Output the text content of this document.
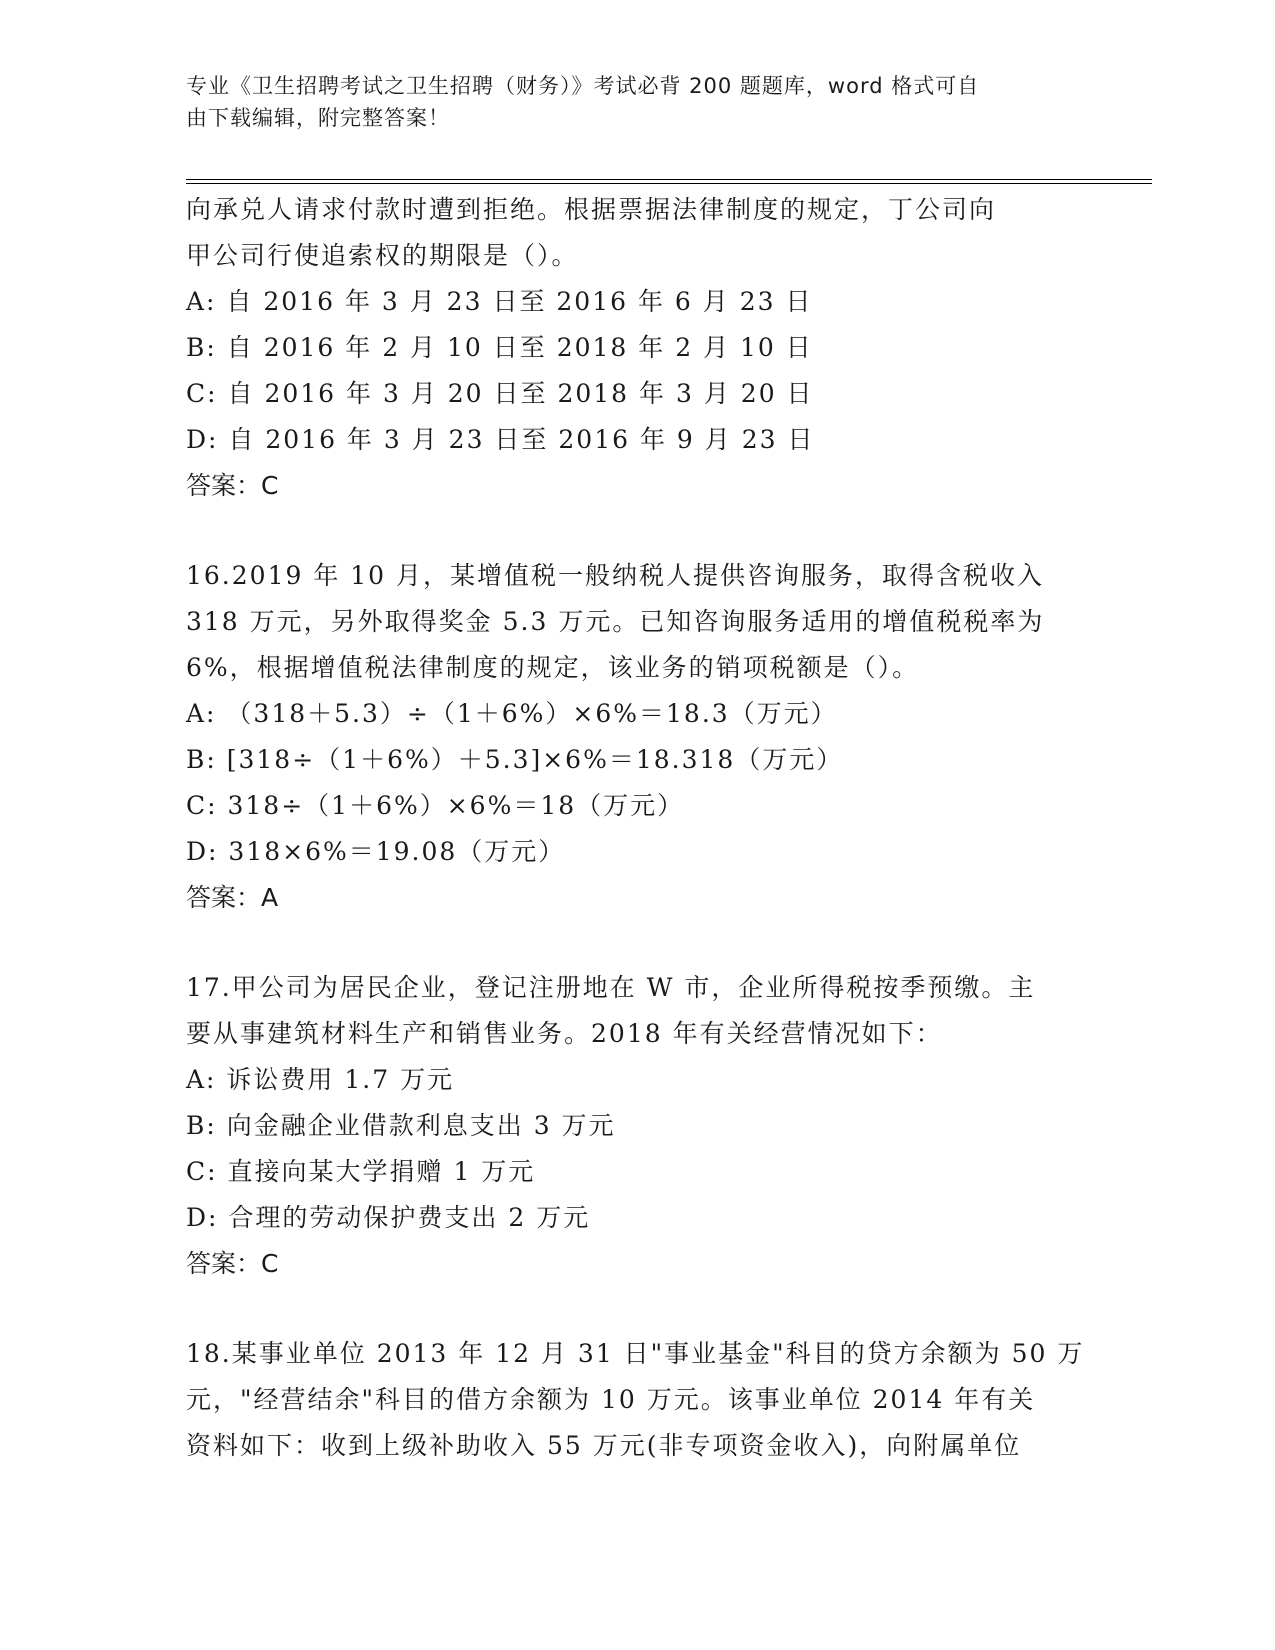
专业《卫生招聘考试之卫生招聘（财务）》考试必背 200 题题库，word 格式可自
由下载编辑，附完整答案！
向承兑人请求付款时遭到拒绝。根据票据法律制度的规定，丁公司向
甲公司行使追索权的期限是（）。
A: 自 2016 年 3 月 23 日至 2016 年 6 月 23 日
B: 自 2016 年 2 月 10 日至 2018 年 2 月 10 日
C: 自 2016 年 3 月 20 日至 2018 年 3 月 20 日
D: 自 2016 年 3 月 23 日至 2016 年 9 月 23 日
答案：C
16.2019 年 10 月，某增值税一般纳税人提供咨询服务，取得含税收入
318 万元，另外取得奖金 5.3 万元。已知咨询服务适用的增值税税率为
6%，根据增值税法律制度的规定，该业务的销项税额是（）。
A: （318＋5.3）÷（1＋6%）×6%＝18.3（万元）
B: [318÷（1＋6%）＋5.3]×6%＝18.318（万元）
C: 318÷（1＋6%）×6%＝18（万元）
D: 318×6%＝19.08（万元）
答案：A
17.甲公司为居民企业，登记注册地在 W 市，企业所得税按季预缴。主
要从事建筑材料生产和销售业务。2018 年有关经营情况如下：
A: 诉讼费用 1.7 万元
B: 向金融企业借款利息支出 3 万元
C: 直接向某大学捐赠 1 万元
D: 合理的劳动保护费支出 2 万元
答案：C
18.某事业单位 2013 年 12 月 31 日"事业基金"科目的贷方余额为 50 万
元，"经营结余"科目的借方余额为 10 万元。该事业单位 2014 年有关
资料如下：收到上级补助收入 55 万元(非专项资金收入)，向附属单位
